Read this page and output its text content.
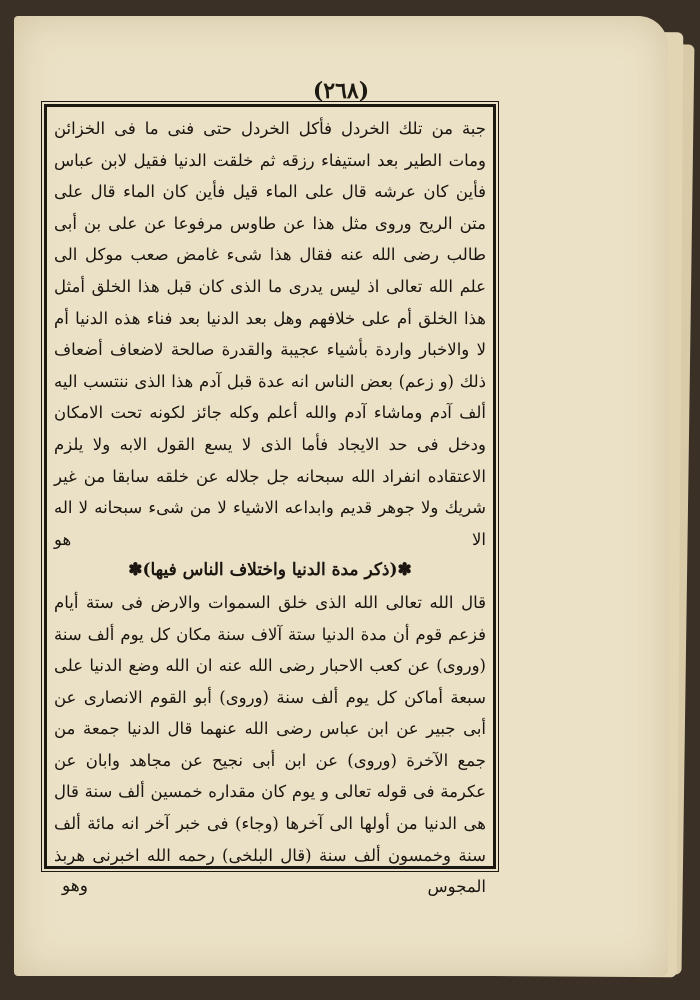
(٢٦٨)

جبة من تلك الخردل فأكل الخردل حتى فنى ما فى الخزائن ومات الطير بعد استيفاء رزقه ثم خلقت الدنيا فقيل لابن عباس فأين كان عرشه قال على الماء قيل فأين كان الماء قال على متن الريح وروى مثل هذا عن طاوس مرفوعا عن على بن أبى طالب رضى الله عنه فقال هذا شىء غامض صعب موكل الى علم الله تعالى اذ ليس يدرى ما الذى كان قبل هذا الخلق أمثل هذا الخلق أم على خلافهم وهل بعد الدنيا بعد فناء هذه الدنيا أم لا والاخبار واردة بأشياء عجيبة والقدرة صالحة لاضعاف أضعاف ذلك (و زعم) بعض الناس انه عدة قبل آدم هذا الذى ننتسب اليه ألف آدم وماشاء آدم والله أعلم وكله جائز لكونه تحت الامكان ودخل فى حد الايجاد فأما الذى لا يسع القول الابه ولا يلزم الاعتقاده انفراد الله سبحانه جل جلاله عن خلقه سابقا من غير شريك ولا جوهر قديم وابداعه الاشياء لا من شىء سبحانه لا اله الا هو

✽(ذكر مدة الدنيا واختلاف الناس فيها)✽

قال الله تعالى الله الذى خلق السموات والارض فى ستة أيام فزعم قوم أن مدة الدنيا ستة آلاف سنة مكان كل يوم ألف سنة (وروى) عن كعب الاحبار رضى الله عنه ان الله وضع الدنيا على سبعة أماكن كل يوم ألف سنة (وروى) أبو القوم الانصارى عن أبى جبير عن ابن عباس رضى الله عنهما قال الدنيا جمعة من جمع الآخرة (وروى) عن ابن أبى نجيح عن مجاهد وابان عن عكرمة فى قوله تعالى و يوم كان مقداره خمسين ألف سنة قال هى الدنيا من أولها الى آخرها (وجاء) فى خبر آخر انه مائة ألف سنة وخمسون ألف سنة (قال البلخى) رحمه الله اخبرنى هربذ المجوس

وهو
